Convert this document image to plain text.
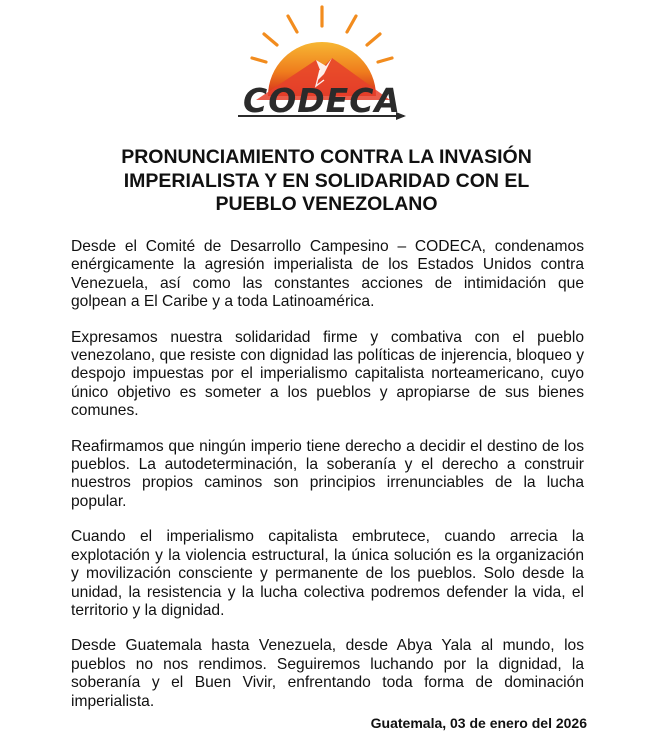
CODECA
PRONUNCIAMIENTO CONTRA LA INVASIÓN
IMPERIALISTA Y EN SOLIDARIDAD CON EL
PUEBLO VENEZOLANO

Desde el Comité de Desarrollo Campesino – CODECA, condenamos enérgicamente la agresión imperialista de los Estados Unidos contra Venezuela, así como las constantes acciones de intimidación que golpean a El Caribe y a toda Latinoamérica.

Expresamos nuestra solidaridad firme y combativa con el pueblo venezolano, que resiste con dignidad las políticas de injerencia, bloqueo y despojo impuestas por el imperialismo capitalista norteamericano, cuyo único objetivo es someter a los pueblos y apropiarse de sus bienes comunes.

Reafirmamos que ningún imperio tiene derecho a decidir el destino de los pueblos. La autodeterminación, la soberanía y el derecho a construir nuestros propios caminos son principios irrenunciables de la lucha popular.

Cuando el imperialismo capitalista embrutece, cuando arrecia la explotación y la violencia estructural, la única solución es la organización y movilización consciente y permanente de los pueblos. Solo desde la unidad, la resistencia y la lucha colectiva podremos defender la vida, el territorio y la dignidad.

Desde Guatemala hasta Venezuela, desde Abya Yala al mundo, los pueblos no nos rendimos. Seguiremos luchando por la dignidad, la soberanía y el Buen Vivir, enfrentando toda forma de dominación imperialista.

Guatemala, 03 de enero del 2026
